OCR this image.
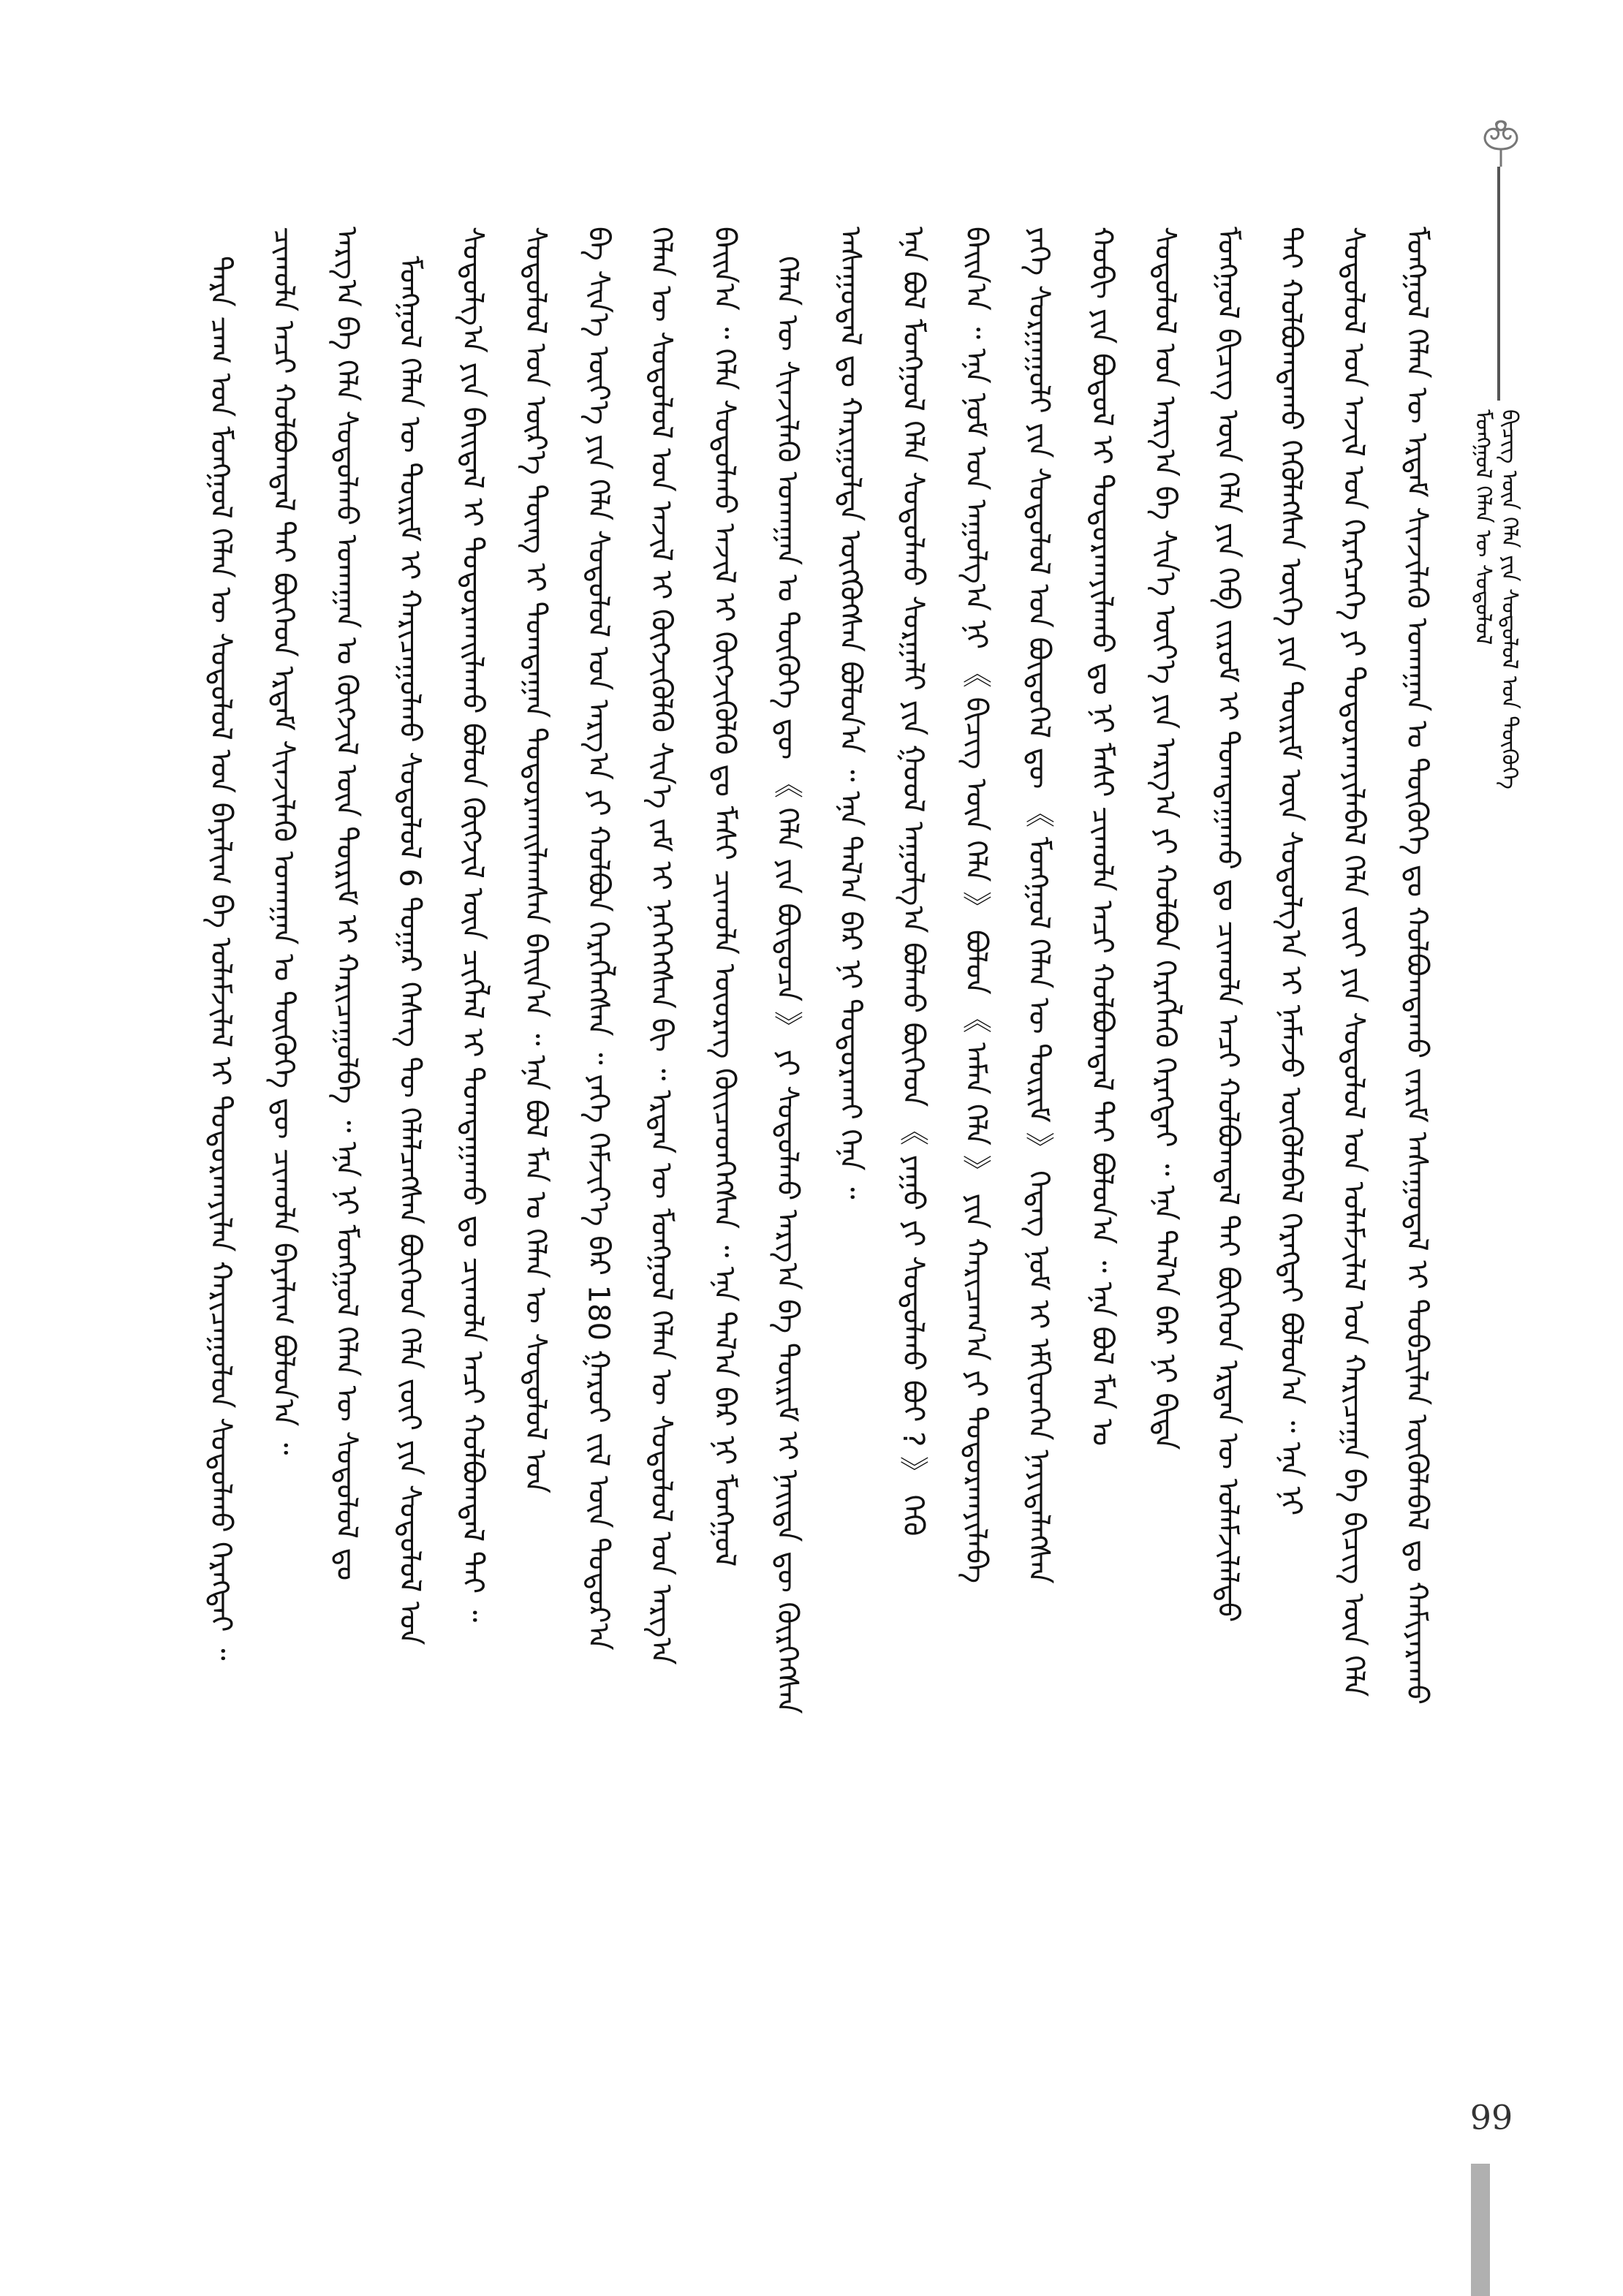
ᠮᠣᠩᠭᠣᠯ ᠬᠡᠯᠡᠨ ᠦ ᠰᠤᠳᠤᠯᠤᠯ ᠪᠢᠴᠢᠭ ᠦᠨ ᠬᠡᠯᠡ ᠶᠢᠨ ᠰᠤᠳᠤᠯᠤᠯ ᠤᠨ ᠲᠦᠭᠦᠬᠡ
ᠮᠣᠩᠭᠣᠯ ᠬᠡᠯᠡᠨ ᠦ ᠡᠷᠳᠡᠮ ᠰᠢᠨᠵᠢᠯᠡᠬᠦ ᠤᠬᠠᠭᠠᠨ ᠤ ᠲᠦᠭᠦᠬᠡ ᠳᠤ ᠬᠣᠯᠪᠤᠭᠳᠠᠬᠤ ᠵᠠᠷᠢᠮ ᠠᠰᠠᠭᠤᠳᠠᠯ ᠢ ᠲᠣᠪᠴᠢᠯᠠᠨ ᠦᠭᠦᠯᠡᠪᠡᠯ ᠳᠤ ᠬᠠᠮᠢᠶᠠᠷᠠᠬᠤ
ᠰᠤᠳᠤᠯᠤᠯ ᠤᠨ ᠠᠵᠢᠯ ᠤᠨ ᠬᠡᠷᠡᠭᠴᠡᠭᠡ ᠶᠢ ᠲᠣᠳᠤᠷᠬᠠᠶᠢᠯᠠᠪᠠᠯ ᠬᠡᠯᠡ ᠵᠦᠢ ᠶᠢᠨ ᠰᠤᠳᠤᠯᠤᠯ ᠤᠨ ᠤᠯᠠᠮᠵᠢᠯᠠᠯ ᠤᠨ ᠬᠠᠷᠢᠴᠠᠭᠠ ᠪᠠ ᠪᠢᠴᠢᠭ ᠦᠨ ᠬᠡᠯᠡ
ᠲᠠᠢ ᠬᠣᠯᠪᠣᠭᠳᠠᠬᠤ ᠬᠡᠭᠦᠯᠡᠭᠰᠡᠨ ᠦᠭᠡ ᠶᠢᠨ ᠳᠦᠷᠢᠮ ᠦᠨ ᠰᠤᠳᠤᠯᠭ᠎ᠠ ᠢ ᠨᠡᠮᠡᠵᠦ ᠦᠭᠦᠯᠡᠪᠡᠯ ᠬᠡᠷᠡᠭᠲᠡᠢ ᠪᠣᠯᠤᠨ᠎ᠠ ᠃ ᠡᠨᠡ ᠨᠢ
ᠮᠣᠩᠭᠣᠯ ᠪᠢᠴᠢᠭ ᠦᠨ ᠬᠡᠯᠡ ᠶᠢᠨ ᠬᠡᠪ ᠵᠢᠷᠤᠮ ᠢ ᠲᠣᠭᠲᠠᠭᠠᠬᠤ ᠳᠤ ᠴᠢᠬᠤᠯᠠ ᠠᠴᠢ ᠬᠣᠯᠪᠣᠭᠳᠠᠯ ᠲᠠᠢ ᠪᠥᠭᠡᠳ ᠡᠷᠲᠡᠨ ᠦ ᠤᠯᠠᠮᠵᠢᠯᠠᠯᠲᠤ
ᠰᠤᠳᠤᠯᠤᠯ ᠤᠨ ᠠᠷᠭ᠎ᠠ ᠪᠠ ᠰᠢᠨ᠎ᠡ ᠦᠶ᠎ᠡ ᠶᠢᠨ ᠠᠷᠭ᠎ᠠ ᠶᠢ ᠬᠣᠯᠪᠣᠨ ᠬᠡᠷᠡᠭᠯᠡᠬᠦ ᠬᠡᠷᠡᠭᠲᠡᠢ ᠃ ᠡᠨᠡ ᠲᠠᠯ᠎ᠠ ᠪᠠᠷ ᠨᠢ ᠪᠢᠳᠡ
ᠬᠤᠪᠢ ᠶᠢᠨ ᠪᠣᠳᠤᠯ ᠢ ᠲᠣᠳᠤᠷᠬᠠᠶᠢᠯᠠᠬᠤ ᠳᠤ ᠨᠢ ᠮᠠᠰᠢ ᠴᠢᠬᠤᠯᠠ ᠠᠴᠢ ᠬᠣᠯᠪᠣᠭᠳᠠᠯ ᠲᠠᠢ ᠪᠣᠯᠤᠨ᠎ᠠ ᠃ ᠡᠨᠡ ᠪᠣᠯ ᠮᠠᠨ ᠤ
ᠶᠡᠬᠡ ᠰᠤᠷᠭᠠᠭᠤᠯᠢ ᠶᠢᠨ ᠰᠤᠳᠤᠯᠤᠯ ᠤᠨ ᠪᠦᠲᠦᠭᠡᠯ ᠳᠦ 《 ᠮᠣᠩᠭᠣᠯ ᠬᠡᠯᠡᠨ ᠦ ᠳᠦᠷᠢᠮ 》 ᠭᠡᠳᠡᠭ ᠨᠣᠮ ᠢ ᠡᠮᠬᠢᠳᠬᠡᠨ ᠨᠡᠶᠢᠲᠡᠯᠡᠭᠰᠡᠨ
ᠪᠠᠢᠨ᠎ᠠ ᠃ ᠡᠨᠡ ᠨᠣᠮ ᠤᠨ ᠠᠭᠤᠯᠭ᠎ᠠ ᠨᠢ 《 ᠪᠢᠴᠢᠭ ᠦᠨ ᠬᠡᠯᠡ 》 ᠪᠣᠯᠤᠨ 《 ᠠᠮᠠᠨ ᠬᠡᠯᠡ 》 ᠶᠢᠨ ᠬᠠᠷᠢᠴᠠᠭ᠎ᠠ ᠶᠢ ᠲᠣᠳᠤᠷᠬᠠᠶᠢᠯᠠᠪᠠ
ᠡᠨᠡ ᠪᠣᠯ ᠮᠣᠩᠭᠣᠯ ᠬᠡᠯᠡ ᠰᠤᠳᠤᠯᠬᠤ ᠰᠤᠷᠭᠠᠯᠢ ᠶᠢᠨ ᠭᠣᠣᠯ ᠠᠭᠤᠯᠭ᠎ᠠ ᠪᠣᠯᠬᠤ ᠪᠥᠭᠡᠳ 《 ᠶᠠᠭᠤ ᠶᠢ ᠰᠤᠳᠤᠯᠬᠤ ᠪᠤᠢ ? 》 ᠭᠡᠬᠦ
ᠠᠰᠠᠭᠤᠳᠠᠯ ᠳᠤ ᠬᠠᠷᠢᠭᠤᠯᠲᠠ ᠥᠭᠭᠦᠭᠰᠡᠨ ᠪᠣᠯᠤᠨ᠎ᠠ ᠃ ᠡᠨᠡ ᠲᠠᠯ᠎ᠠ ᠪᠠᠷ ᠨᠢ ᠲᠣᠳᠤᠷᠬᠠᠢ ᠭᠡᠨᠡ ᠃
ᠬᠡᠯᠡᠨ ᠦ ᠰᠢᠨᠵᠢᠯᠡᠬᠦ ᠤᠬᠠᠭᠠᠨ ᠤ ᠲᠦᠭᠦᠬᠡ ᠳᠦ 《 ᠬᠡᠯᠡ ᠶᠢᠨ ᠪᠦᠲᠦᠴᠡ 》 ᠶᠢ ᠰᠤᠳᠤᠯᠬᠤ ᠠᠷᠭ᠎ᠠ ᠪᠠ ᠳᠦᠷᠢᠮ ᠢ ᠨᠡᠢᠲᠡ ᠳᠦ ᠬᠦᠷᠭᠡᠭᠰᠡᠨ
ᠪᠠᠢᠨ᠎ᠠ ᠃ ᠬᠡᠯᠡ ᠰᠤᠳᠤᠯᠬᠤ ᠠᠵᠢᠯ ᠢ ᠬᠥᠭᠵᠢᠭᠦᠯᠬᠦ ᠳᠤ ᠮᠠᠰᠢ ᠴᠢᠬᠤᠯᠠ ᠦᠦᠷᠡᠭ ᠭᠦᠢᠴᠡᠳᠬᠡᠭᠰᠡᠨ ᠃ ᠡᠨᠡ ᠲᠠᠯ᠎ᠠ ᠪᠠᠷ ᠨᠢ ᠮᠣᠩᠭᠣᠯ
ᠬᠡᠯᠡᠨ ᠦ ᠰᠤᠳᠤᠯᠤᠯ ᠤᠨ ᠠᠵᠢᠯ ᠢ ᠬᠥᠭᠵᠢᠭᠦᠯᠬᠦ ᠰᠢᠨ᠎ᠡ ᠵᠠᠮ ᠢ ᠨᠡᠭᠡᠭᠡᠭᠰᠡᠨ ᠪᠢ ᠃ ᠡᠷᠲᠡᠨ ᠦ ᠮᠣᠩᠭᠣᠯ ᠬᠡᠯᠡᠨ ᠦ ᠰᠤᠳᠤᠯᠤᠯ ᠤᠨ ᠠᠷᠭ᠎ᠠ
ᠪᠠ ᠰᠢᠨ᠎ᠡ ᠦᠶ᠎ᠡ ᠶᠢᠨ ᠬᠡᠯᠡ ᠰᠤᠳᠤᠯᠤᠯ ᠤᠨ ᠠᠷᠭ᠎ᠠ ᠶᠢ ᠬᠣᠯᠪᠣᠨ ᠬᠡᠷᠡᠭᠯᠡᠭᠰᠡᠨ ᠃ ᠶᠡᠬᠡ ᠬᠡᠮᠵᠢᠶ᠎ᠡ ᠪᠡᠷ 180 ᠭᠠᠷᠤᠢ ᠵᠢᠯ ᠦᠨ ᠳᠤᠲᠤᠷ᠎ᠠ
ᠰᠤᠳᠤᠯᠤᠯ ᠤᠨ ᠦᠷ᠎ᠡ ᠳᠦᠩ ᠢ ᠲᠣᠭᠲᠠᠭᠠᠨ ᠲᠣᠳᠤᠷᠬᠠᠢᠯᠠᠭᠰᠠᠨ ᠪᠠᠢᠨ᠎ᠠ ᠃ ᠡᠨᠡ ᠪᠣᠯ ᠮᠠᠨ ᠤ ᠬᠡᠯᠡᠨ ᠦ ᠰᠤᠳᠤᠯᠤᠯ ᠤᠨ
ᠰᠤᠳᠤᠯᠭ᠎ᠠ ᠶᠢᠨ ᠪᠠᠢᠳᠠᠯ ᠢ ᠲᠣᠳᠤᠷᠬᠠᠢᠯᠠᠬᠤ ᠪᠣᠯᠤᠨ ᠬᠥᠭᠵᠢᠯ ᠦᠨ ᠴᠢᠭᠯᠡᠯ ᠢ ᠲᠣᠭᠲᠠᠭᠠᠬᠤ ᠳᠤ ᠴᠢᠬᠤᠯᠠ ᠠᠴᠢ ᠬᠣᠯᠪᠣᠭᠳᠠᠯ ᠲᠠᠢ ᠃
ᠮᠣᠩᠭᠣᠯ ᠬᠡᠯᠡᠨ ᠦ ᠳᠦᠷᠢᠮ ᠢ ᠬᠠᠷᠢᠴᠠᠭᠤᠯᠬᠤ ᠰᠤᠳᠤᠯᠤᠯ 6 ᠳᠤᠭᠠᠷ ᠬᠡᠰᠡᠭ ᠲᠦ ᠬᠡᠯᠡᠯᠴᠡᠭᠰᠡᠨ ᠪᠥᠭᠡᠳ ᠬᠡᠯᠡ ᠵᠦᠢ ᠶᠢᠨ ᠰᠤᠳᠤᠯᠤᠯ ᠤᠨ
ᠠᠷᠭ᠎ᠠ ᠪᠠ ᠬᠡᠯᠡ ᠰᠤᠳᠤᠯᠬᠤ ᠤᠬᠠᠭᠠᠨ ᠤ ᠬᠥᠭᠵᠢᠯ ᠦᠨ ᠳᠦᠷᠢᠮ ᠢ ᠬᠠᠷᠢᠴᠠᠭᠤᠯᠪᠠ ᠃ ᠡᠨᠡ ᠨᠢ ᠮᠣᠩᠭᠣᠯ ᠬᠡᠯᠡᠨ ᠦ ᠰᠤᠳᠤᠯᠤᠯ ᠳᠤ
ᠴᠢᠬᠤᠯᠠ ᠠᠴᠢ ᠬᠣᠯᠪᠣᠭᠳᠠᠯ ᠲᠠᠢ ᠪᠥᠭᠡᠳ ᠡᠷᠳᠡᠮ ᠰᠢᠨᠵᠢᠯᠡᠬᠦ ᠤᠬᠠᠭᠠᠨ ᠤ ᠲᠦᠭᠦᠬᠡ ᠳᠦ ᠴᠢᠬᠤᠯᠠ ᠪᠠᠶᠠᠯᠢᠭ ᠪᠣᠯᠤᠨ᠎ᠠ ᠃
ᠲᠡᠷᠡ ᠴᠠᠭ ᠤᠨ ᠮᠣᠩᠭᠣᠯ ᠬᠡᠯᠡᠨ ᠦ ᠰᠤᠳᠤᠯᠤᠯ ᠤᠨ ᠪᠠᠶᠠᠯᠢᠭ ᠪᠠ ᠤᠯᠠᠮᠵᠢᠯᠠᠯ ᠢ ᠲᠣᠳᠤᠷᠬᠠᠶᠢᠯᠠᠨ ᠬᠠᠷᠢᠴᠠᠭᠤᠯᠤᠨ ᠰᠤᠳᠤᠯᠬᠤ ᠬᠡᠷᠡᠭᠲᠡᠢ ᠃
66
